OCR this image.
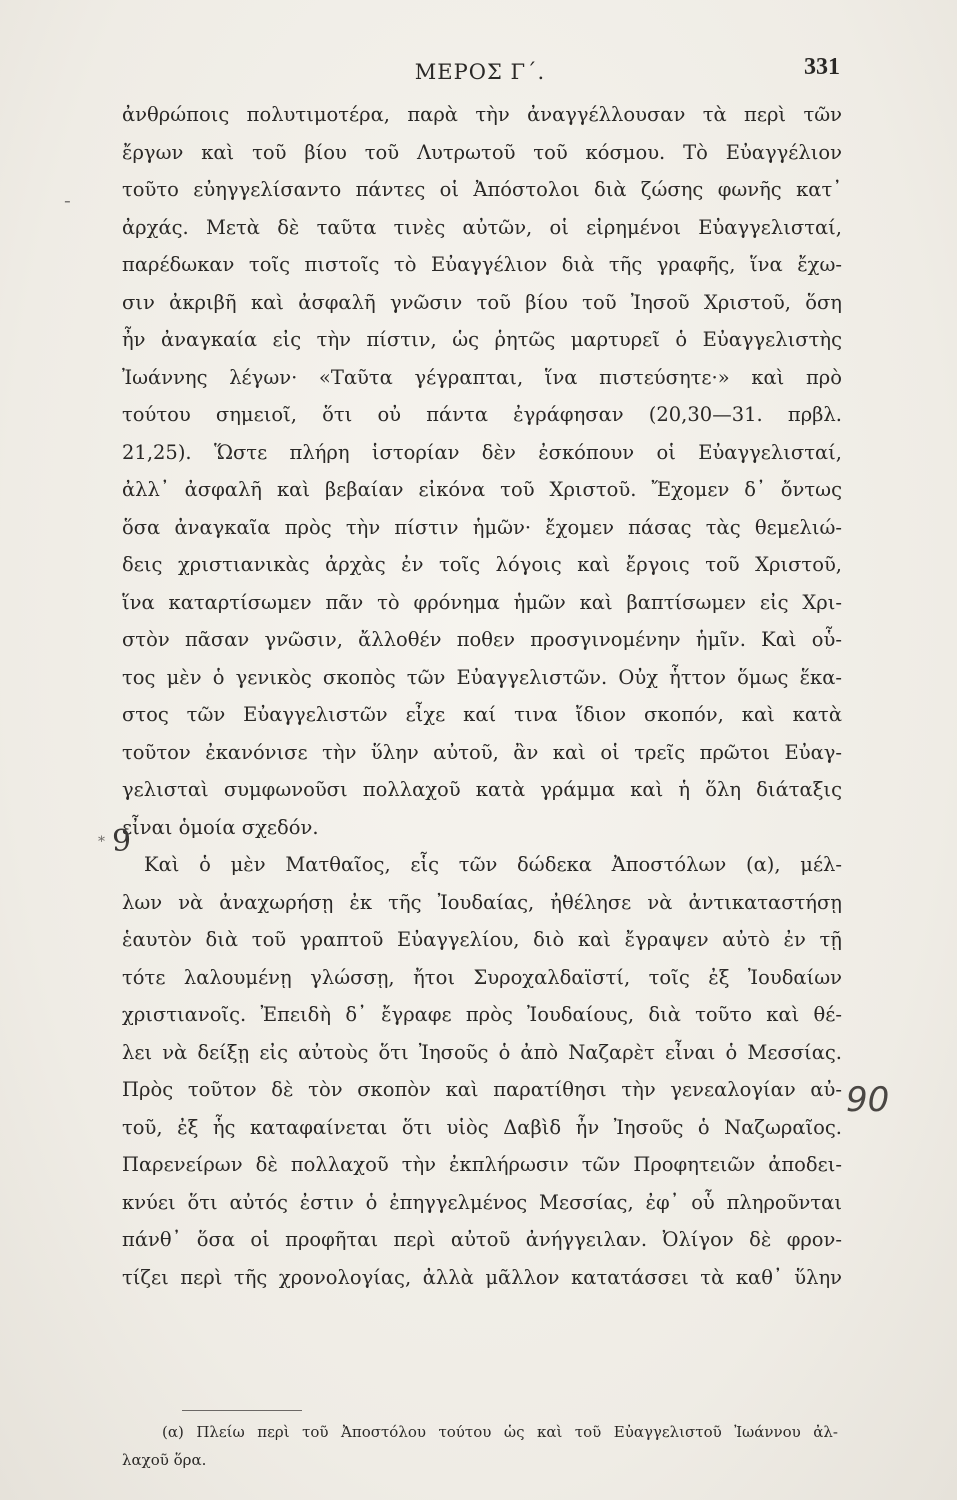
ΜΕΡΟΣ Γ΄.	331
ἀνθρώποις πολυτιμοτέρα, παρὰ τὴν ἀναγγέλλουσαν τὰ περὶ τῶν
ἔργων καὶ τοῦ βίου τοῦ Λυτρωτοῦ τοῦ κόσμου. Τὸ Εὐαγγέλιον
τοῦτο εὐηγγελίσαντο πάντες οἱ Ἀπόστολοι διὰ ζώσης φωνῆς κατ᾿
ἀρχάς. Μετὰ δὲ ταῦτα τινὲς αὐτῶν, οἱ εἰρημένοι Εὐαγγελισταί,
παρέδωκαν τοῖς πιστοῖς τὸ Εὐαγγέλιον διὰ τῆς γραφῆς, ἵνα ἔχω-
σιν ἀκριβῆ καὶ ἀσφαλῆ γνῶσιν τοῦ βίου τοῦ Ἰησοῦ Χριστοῦ, ὅση
ἦν ἀναγκαία εἰς τὴν πίστιν, ὡς ῥητῶς μαρτυρεῖ ὁ Εὐαγγελιστὴς
Ἰωάννης λέγων· «Ταῦτα γέγραπται, ἵνα πιστεύσητε·» καὶ πρὸ
τούτου σημειοῖ, ὅτι οὐ πάντα ἐγράφησαν (20,30—31. πρβλ.
21,25). Ὥστε πλήρη ἱστορίαν δὲν ἐσκόπουν οἱ Εὐαγγελισταί,
ἀλλ᾿ ἀσφαλῆ καὶ βεβαίαν εἰκόνα τοῦ Χριστοῦ. Ἔχομεν δ᾿ ὄντως
ὅσα ἀναγκαῖα πρὸς τὴν πίστιν ἡμῶν· ἔχομεν πάσας τὰς θεμελιώ-
δεις χριστιανικὰς ἀρχὰς ἐν τοῖς λόγοις καὶ ἔργοις τοῦ Χριστοῦ,
ἵνα καταρτίσωμεν πᾶν τὸ φρόνημα ἡμῶν καὶ βαπτίσωμεν εἰς Χρι-
στὸν πᾶσαν γνῶσιν, ἄλλοθέν ποθεν προσγινομένην ἡμῖν. Καὶ οὗ-
τος μὲν ὁ γενικὸς σκοπὸς τῶν Εὐαγγελιστῶν. Οὐχ ἧττον ὅμως ἕκα-
στος τῶν Εὐαγγελιστῶν εἶχε καί τινα ἴδιον σκοπόν, καὶ κατὰ
τοῦτον ἐκανόνισε τὴν ὕλην αὐτοῦ, ἂν καὶ οἱ τρεῖς πρῶτοι Εὐαγ-
γελισταὶ συμφωνοῦσι πολλαχοῦ κατὰ γράμμα καὶ ἡ ὅλη διάταξις
εἶναι ὁμοία σχεδόν.
Καὶ ὁ μὲν Ματθαῖος, εἷς τῶν δώδεκα Ἀποστόλων (α), μέλ-
λων νὰ ἀναχωρήσῃ ἐκ τῆς Ἰουδαίας, ἠθέλησε νὰ ἀντικαταστήσῃ
ἑαυτὸν διὰ τοῦ γραπτοῦ Εὐαγγελίου, διὸ καὶ ἔγραψεν αὐτὸ ἐν τῇ
τότε λαλουμένῃ γλώσσῃ, ἤτοι Συροχαλδαϊστί, τοῖς ἐξ Ἰουδαίων
χριστιανοῖς. Ἐπειδὴ δ᾿ ἔγραφε πρὸς Ἰουδαίους, διὰ τοῦτο καὶ θέ-
λει νὰ δείξῃ εἰς αὐτοὺς ὅτι Ἰησοῦς ὁ ἀπὸ Ναζαρὲτ εἶναι ὁ Μεσσίας.
Πρὸς τοῦτον δὲ τὸν σκοπὸν καὶ παρατίθησι τὴν γενεαλογίαν αὐ-
τοῦ, ἐξ ἧς καταφαίνεται ὅτι υἱὸς Δαβὶδ ἦν Ἰησοῦς ὁ Ναζωραῖος.
Παρενείρων δὲ πολλαχοῦ τὴν ἐκπλήρωσιν τῶν Προφητειῶν ἀποδει-
κνύει ὅτι αὐτός ἐστιν ὁ ἐπηγγελμένος Μεσσίας, ἐφ᾿ οὗ πληροῦνται
πάνθ᾿ ὅσα οἱ προφῆται περὶ αὐτοῦ ἀνήγγειλαν. Ὀλίγον δὲ φρον-
τίζει περὶ τῆς χρονολογίας, ἀλλὰ μᾶλλον κατατάσσει τὰ καθ᾿ ὕλην
-
* 9
90
(α) Πλείω περὶ τοῦ Ἀποστόλου τούτου ὡς καὶ τοῦ Εὐαγγελιστοῦ Ἰωάννου ἀλ-
λαχοῦ ὅρα.
